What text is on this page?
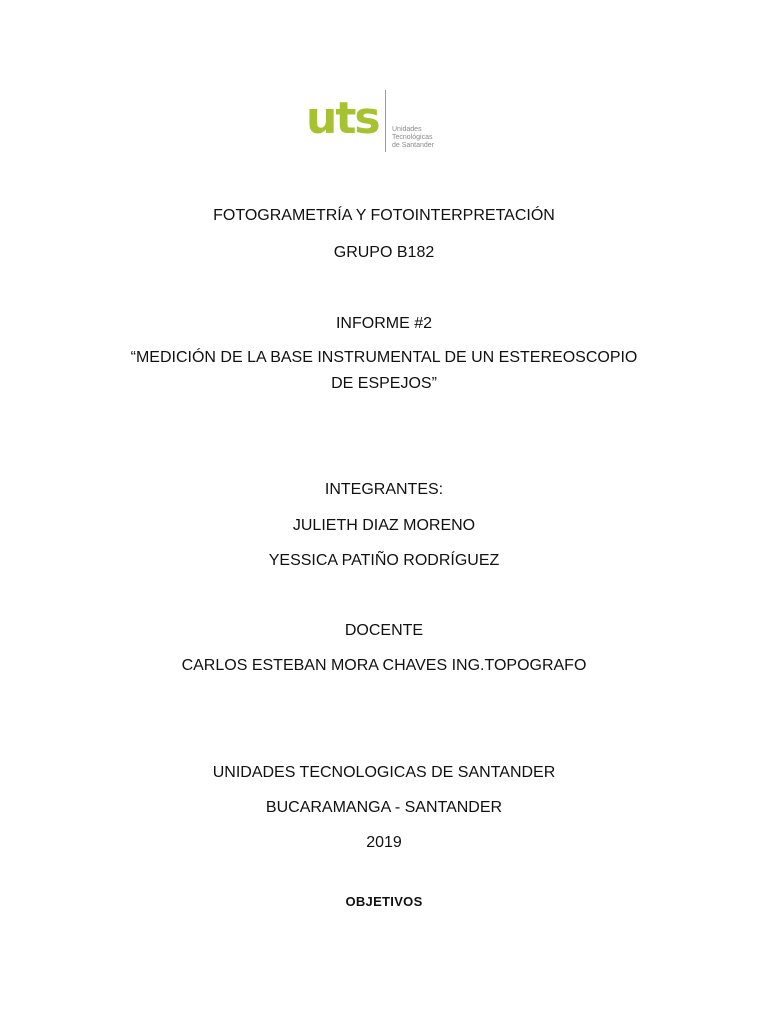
uts Unidades
Tecnológicas
de Santander
FOTOGRAMETRÍA Y FOTOINTERPRETACIÓN
GRUPO B182
INFORME #2
“MEDICIÓN DE LA BASE INSTRUMENTAL DE UN ESTEREOSCOPIO
DE ESPEJOS”
INTEGRANTES:
JULIETH DIAZ MORENO
YESSICA PATIÑO RODRÍGUEZ
DOCENTE
CARLOS ESTEBAN MORA CHAVES ING.TOPOGRAFO
UNIDADES TECNOLOGICAS DE SANTANDER
BUCARAMANGA - SANTANDER
2019
OBJETIVOS
